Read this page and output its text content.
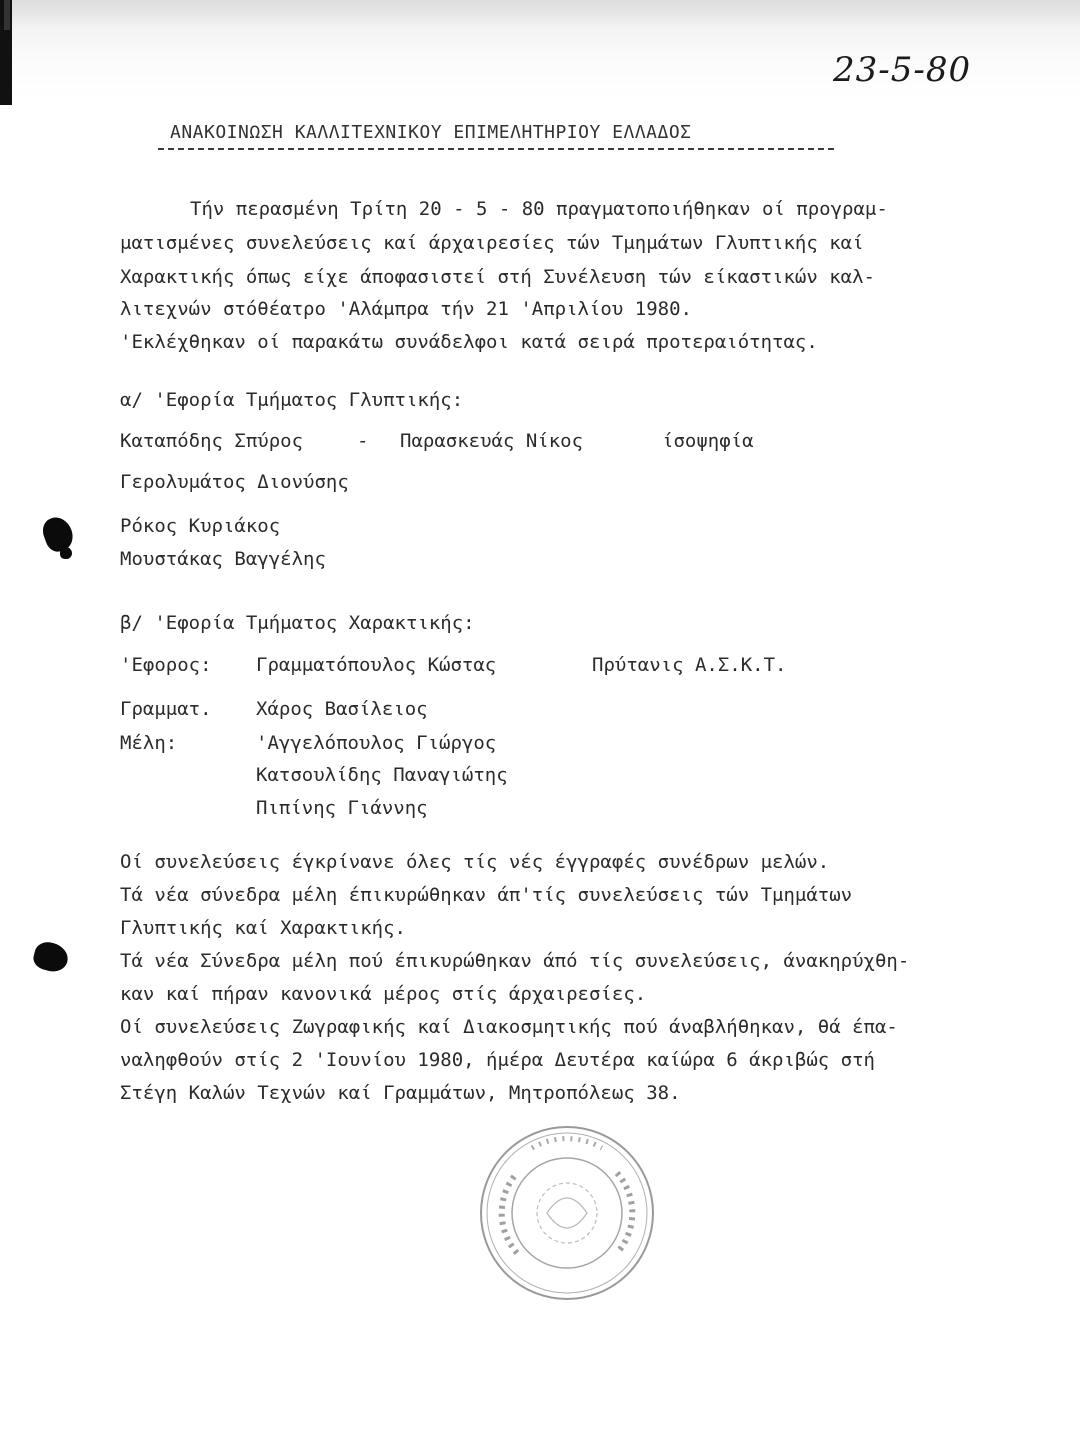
23-5-80
ΑΝΑΚΟΙΝΩΣΗ ΚΑΛΛΙΤΕΧΝΙΚΟΥ ΕΠΙΜΕΛΗΤΗΡΙΟΥ ΕΛΛΑΔΟΣ
Τήν περασμένη Τρίτη 20 - 5 - 80 πραγματοποιήθηκαν οί προγραμ-
ματισμένες συνελεύσεις καί άρχαιρεσίες τών Τμημάτων Γλυπτικής καί
Χαρακτικής όπως είχε άποφασιστεί στή Συνέλευση τών είκαστικών καλ-
λιτεχνών στόθέατρο 'Αλάμπρα τήν 21 'Απριλίου 1980.
'Εκλέχθηκαν οί παρακάτω συνάδελφοι κατά σειρά προτεραιότητας.
α/ 'Εφορία Τμήματος Γλυπτικής:
Καταπόδης Σπύρος	- Παρασκευάς Νίκος	ίσοψηφία
Γερολυμάτος Διονύσης
Ρόκος Κυριάκος
Μουστάκας Βαγγέλης
β/ 'Εφορία Τμήματος Χαρακτικής:
'Εφορος: Γραμματόπουλος Κώστας	Πρύτανις Α.Σ.Κ.Τ.
Γραμματ. Χάρος Βασίλειος
Μέλη:	'Αγγελόπουλος Γιώργος
Κατσουλίδης Παναγιώτης
Πιπίνης Γιάννης
Οί συνελεύσεις έγκρίνανε όλες τίς νές έγγραφές συνέδρων μελών.
Τά νέα σύνεδρα μέλη έπικυρώθηκαν άπ'τίς συνελεύσεις τών Τμημάτων
Γλυπτικής καί Χαρακτικής.
Τά νέα Σύνεδρα μέλη πού έπικυρώθηκαν άπό τίς συνελεύσεις, άνακηρύχθη-
καν καί πήραν κανονικά μέρος στίς άρχαιρεσίες.
Οί συνελεύσεις Ζωγραφικής καί Διακοσμητικής πού άναβλήθηκαν, θά έπα-
ναληφθούν στίς 2 'Ιουνίου 1980, ήμέρα Δευτέρα καίώρα 6 άκριβώς στή
Στέγη Καλών Τεχνών καί Γραμμάτων, Μητροπόλεως 38.
